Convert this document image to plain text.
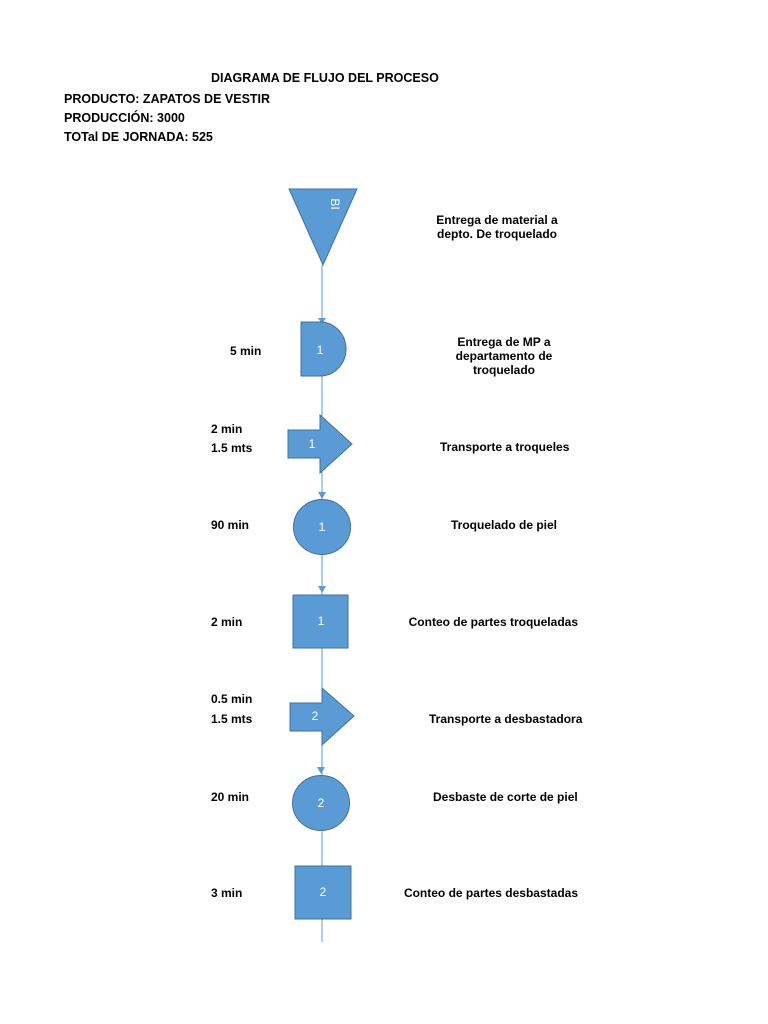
DIAGRAMA DE FLUJO DEL PROCESO
PRODUCTO: ZAPATOS DE VESTIR
PRODUCCIÓN: 3000
TOTal DE JORNADA: 525
BI
1
1
1
1
2
2
2
5 min
2 min
1.5 mts
90 min
2 min
0.5 min
1.5 mts
20 min
3 min
Entrega de material a depto. De troquelado
Entrega de MP a departamento de troquelado
Transporte a troqueles
Troquelado de piel
Conteo de partes troqueladas
Transporte a desbastadora
Desbaste de corte de piel
Conteo de partes desbastadas
